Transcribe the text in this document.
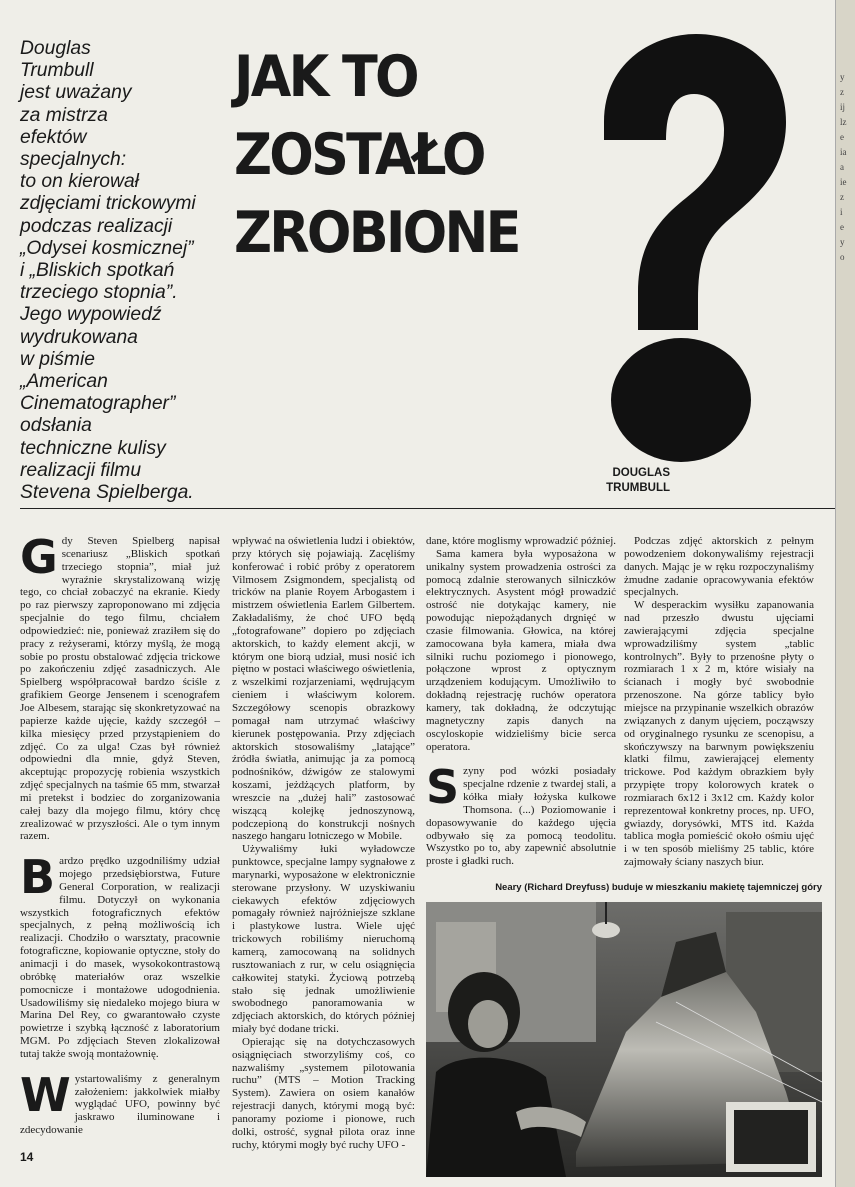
y
z
ij
lz
e
ia
a
ie
z
i
e
y
o
Douglas
Trumbull
jest uważany
za mistrza
efektów
specjalnych:
to on kierował
zdjęciami trickowymi
podczas realizacji
„Odysei kosmicznej”
i „Bliskich spotkań
trzeciego stopnia”.
Jego wypowiedź
wydrukowana
w piśmie
„American
Cinematographer”
odsłania
techniczne kulisy
realizacji filmu
Stevena Spielberga.
JAK TO
ZOSTAŁO
ZROBIONE
DOUGLAS
TRUMBULL

Gdy Steven Spielberg napisał scenariusz „Bliskich spotkań trzeciego stopnia”, miał już wyraźnie skrystalizowaną wizję tego, co chciał zobaczyć na ekranie. Kiedy po raz pierwszy zaproponowano mi zdjęcia specjalnie do tego filmu, chciałem odpowiedzieć: nie, ponieważ zraziłem się do pracy z reżyserami, którzy myślą, że mogą sobie po prostu obstalować zdjęcia trickowe po zakończeniu zdjęć zasadniczych. Ale Spielberg współpracował bardzo ściśle z grafikiem George Jensenem i scenografem Joe Albesem, starając się skonkretyzować na papierze każde ujęcie, każdy szczegół – kilka miesięcy przed przystąpieniem do zdjęć. Co za ulga! Czas był również odpowiedni dla mnie, gdyż Steven, akceptując propozycję robienia wszystkich zdjęć specjalnych na taśmie 65 mm, stwarzał mi pretekst i bodziec do zorganizowania całej bazy dla mojego filmu, który chcę zrealizować w przyszłości. Ale o tym innym razem.

Bardzo prędko uzgodniliśmy udział mojego przedsiębiorstwa, Future General Corporation, w realizacji filmu. Dotyczył on wykonania wszystkich fotograficznych efektów specjalnych, z pełną możliwością ich realizacji. Chodziło o warsztaty, pracownie fotograficzne, kopiowanie optyczne, stoły do animacji i do masek, wysokokontrastową obróbkę materiałów oraz wszelkie pomocnicze i montażowe udogodnienia. Usadowiliśmy się niedaleko mojego biura w Marina Del Rey, co gwarantowało czyste powietrze i szybką łączność z laboratorium MGM. Po zdjęciach Steven zlokalizował tutaj także swoją montażownię.

Wystartowaliśmy z generalnym założeniem: jakkolwiek miałby wyglądać UFO, powinny być jaskrawo iluminowane i zdecydowanie

wpływać na oświetlenia ludzi i obiektów, przy których się pojawiają. Zacęliśmy konferować i robić próby z operatorem Vilmosem Zsigmondem, specjalistą od tricków na planie Royem Arbogastem i mistrzem oświetlenia Earlem Gilbertem. Zakładaliśmy, że choć UFO będą „fotografowane” dopiero po zdjęciach aktorskich, to każdy element akcji, w którym one biorą udział, musi nosić ich piętno w postaci właściwego oświetlenia, z wszelkimi rozjarzeniami, wędrującym cieniem i właściwym kolorem. Szczegółowy scenopis obrazkowy pomagał nam utrzymać właściwy kierunek postępowania. Przy zdjęciach aktorskich stosowaliśmy „latające” źródła światła, animując ja za pomocą podnośników, dźwigów ze stalowymi koszami, jeżdżących platform, by wreszcie na „dużej hali” zastosować wiszącą kolejkę jednoszynową, podczepioną do konstrukcji nośnych naszego hangaru lotniczego w Mobile.

Używaliśmy łuki wyładowcze punktowce, specjalne lampy sygnałowe z marynarki, wyposażone w elektronicznie sterowane przysłony. W uzyskiwaniu ciekawych efektów zdjęciowych pomagały również najróżniejsze szklane i plastykowe lustra. Wiele ujęć trickowych robiliśmy nieruchomą kamerą, zamocowaną na solidnych rusztowaniach z rur, w celu osiągnięcia całkowitej statyki. Życiową potrzebą stało się jednak umożliwienie swobodnego panoramowania w zdjęciach aktorskich, do których później miały być dodane tricki.

Opierając się na dotychczasowych osiągnięciach stworzyliśmy coś, co nazwaliśmy „systemem pilotowania ruchu” (MTS – Motion Tracking System). Zawiera on osiem kanałów rejestracji danych, którymi mogą być: panoramy poziome i pionowe, ruch dolki, ostrość, sygnał pilota oraz inne ruchy, którymi mogły być ruchy UFO -

dane, które moglismy wprowadzić później.

Sama kamera była wyposażona w unikalny system prowadzenia ostrości za pomocą zdalnie sterowanych silniczków elektrycznych. Asystent mógł prowadzić ostrość nie dotykając kamery, nie powodując niepożądanych drgnięć w czasie filmowania. Głowica, na której zamocowana była kamera, miała dwa silniki ruchu poziomego i pionowego, połączone wprost z optycznym urządzeniem kodującym. Umożliwiło to dokładną rejestrację ruchów operatora kamery, tak dokładną, że odczytując magnetyczny zapis danych na oscyloskopie widzieliśmy bicie serca operatora.

Szyny pod wózki posiadały specjalne rdzenie z twardej stali, a kółka miały łożyska kulkowe Thomsona. (...) Poziomowanie i dopasowywanie do każdego ujęcia odbywało się za pomocą teodolitu. Wszystko po to, aby zapewnić absolutnie proste i gładki ruch.

Podczas zdjęć aktorskich z pełnym powodzeniem dokonywaliśmy rejestracji danych. Mając je w ręku rozpoczynaliśmy żmudne zadanie opracowywania efektów specjalnych.

W desperackim wysiłku zapanowania nad przeszło dwustu ujęciami zawierającymi zdjęcia specjalne wprowadziliśmy system „tablic kontrolnych”. Były to przenośne płyty o rozmiarach 1 x 2 m, które wisiały na ścianach i mogły być swobodnie przenoszone. Na górze tablicy było miejsce na przypinanie wszelkich obrazów związanych z danym ujęciem, począwszy od oryginalnego rysunku ze scenopisu, a skończywszy na barwnym powiększeniu klatki filmu, zawierającej elementy trickowe. Pod każdym obrazkiem były przypięte tropy kolorowych kratek o rozmiarach 6x12 i 3x12 cm. Każdy kolor reprezentował konkretny proces, np. UFO, gwiazdy, dorysówki, MTS itd. Każda tablica mogła pomieścić około ośmiu ujęć i w ten sposób mieliśmy 25 tablic, które zajmowały ściany naszych biur.

Neary (Richard Dreyfuss) buduje w mieszkaniu makietę tajemniczej góry
14
